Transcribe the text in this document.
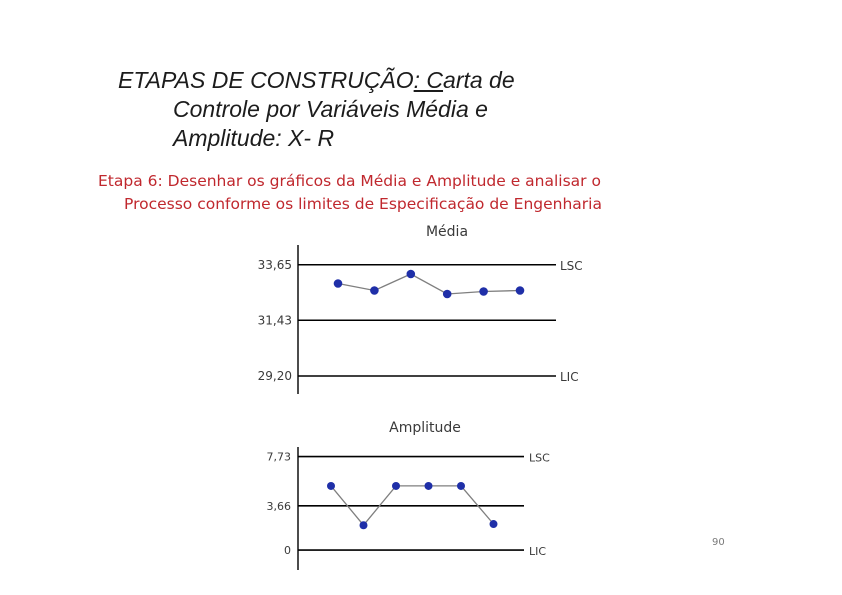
ETAPAS DE CONSTRUÇÃO: Carta de
Controle por Variáveis Média e
Amplitude: X- R
Etapa 6: Desenhar os gráficos da Média e Amplitude e analisar o
Processo conforme os limites de Especificação de Engenharia
Média
33,65	LSC
31,43
29,20	LIC
Amplitude
7,73	LSC
3,66
0	LIC
90
